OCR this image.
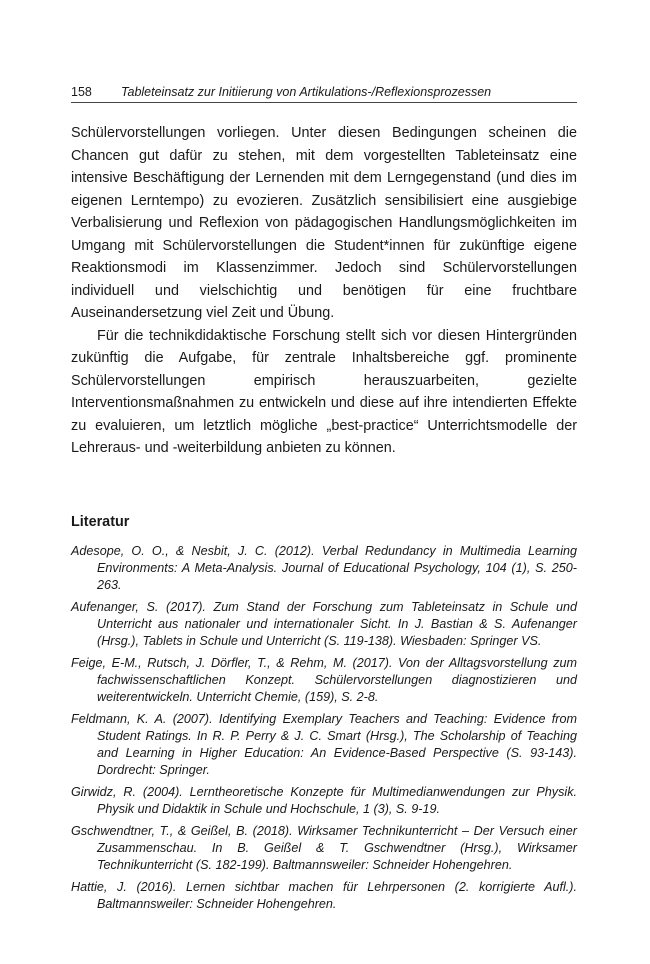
158 Tableteinsatz zur Initiierung von Artikulations-/Reflexionsprozessen

Schülervorstellungen vorliegen. Unter diesen Bedingungen scheinen die Chancen gut dafür zu stehen, mit dem vorgestellten Tableteinsatz eine intensive Beschäftigung der Lernenden mit dem Lerngegenstand (und dies im eigenen Lerntempo) zu evozieren. Zusätzlich sensibilisiert eine ausgiebige Verbalisierung und Reflexion von pädagogischen Handlungsmöglichkeiten im Umgang mit Schülervorstellungen die Student*innen für zukünftige eigene Reaktionsmodi im Klassenzimmer. Jedoch sind Schülervorstellungen individuell und vielschichtig und benötigen für eine fruchtbare Auseinandersetzung viel Zeit und Übung.

Für die technikdidaktische Forschung stellt sich vor diesen Hintergründen zukünftig die Aufgabe, für zentrale Inhaltsbereiche ggf. prominente Schülervorstellungen empirisch herauszuarbeiten, gezielte Interventionsmaßnahmen zu entwickeln und diese auf ihre intendierten Effekte zu evaluieren, um letztlich mögliche „best-practice“ Unterrichtsmodelle der Lehreraus- und -weiterbildung anbieten zu können.

Literatur

Adesope, O. O., & Nesbit, J. C. (2012). Verbal Redundancy in Multimedia Learning Environments: A Meta-Analysis. Journal of Educational Psychology, 104 (1), S. 250-263.

Aufenanger, S. (2017). Zum Stand der Forschung zum Tableteinsatz in Schule und Unterricht aus nationaler und internationaler Sicht. In J. Bastian & S. Aufenanger (Hrsg.), Tablets in Schule und Unterricht (S. 119-138). Wiesbaden: Springer VS.

Feige, E-M., Rutsch, J. Dörfler, T., & Rehm, M. (2017). Von der Alltagsvorstellung zum fachwissenschaftlichen Konzept. Schülervorstellungen diagnostizieren und weiterentwickeln. Unterricht Chemie, (159), S. 2-8.

Feldmann, K. A. (2007). Identifying Exemplary Teachers and Teaching: Evidence from Student Ratings. In R. P. Perry & J. C. Smart (Hrsg.), The Scholarship of Teaching and Learning in Higher Education: An Evidence-Based Perspective (S. 93-143). Dordrecht: Springer.

Girwidz, R. (2004). Lerntheoretische Konzepte für Multimedianwendungen zur Physik. Physik und Didaktik in Schule und Hochschule, 1 (3), S. 9-19.

Gschwendtner, T., & Geißel, B. (2018). Wirksamer Technikunterricht – Der Versuch einer Zusammenschau. In B. Geißel & T. Gschwendtner (Hrsg.), Wirksamer Technikunterricht (S. 182-199). Baltmannsweiler: Schneider Hohengehren.

Hattie, J. (2016). Lernen sichtbar machen für Lehrpersonen (2. korrigierte Aufl.). Baltmannsweiler: Schneider Hohengehren.
